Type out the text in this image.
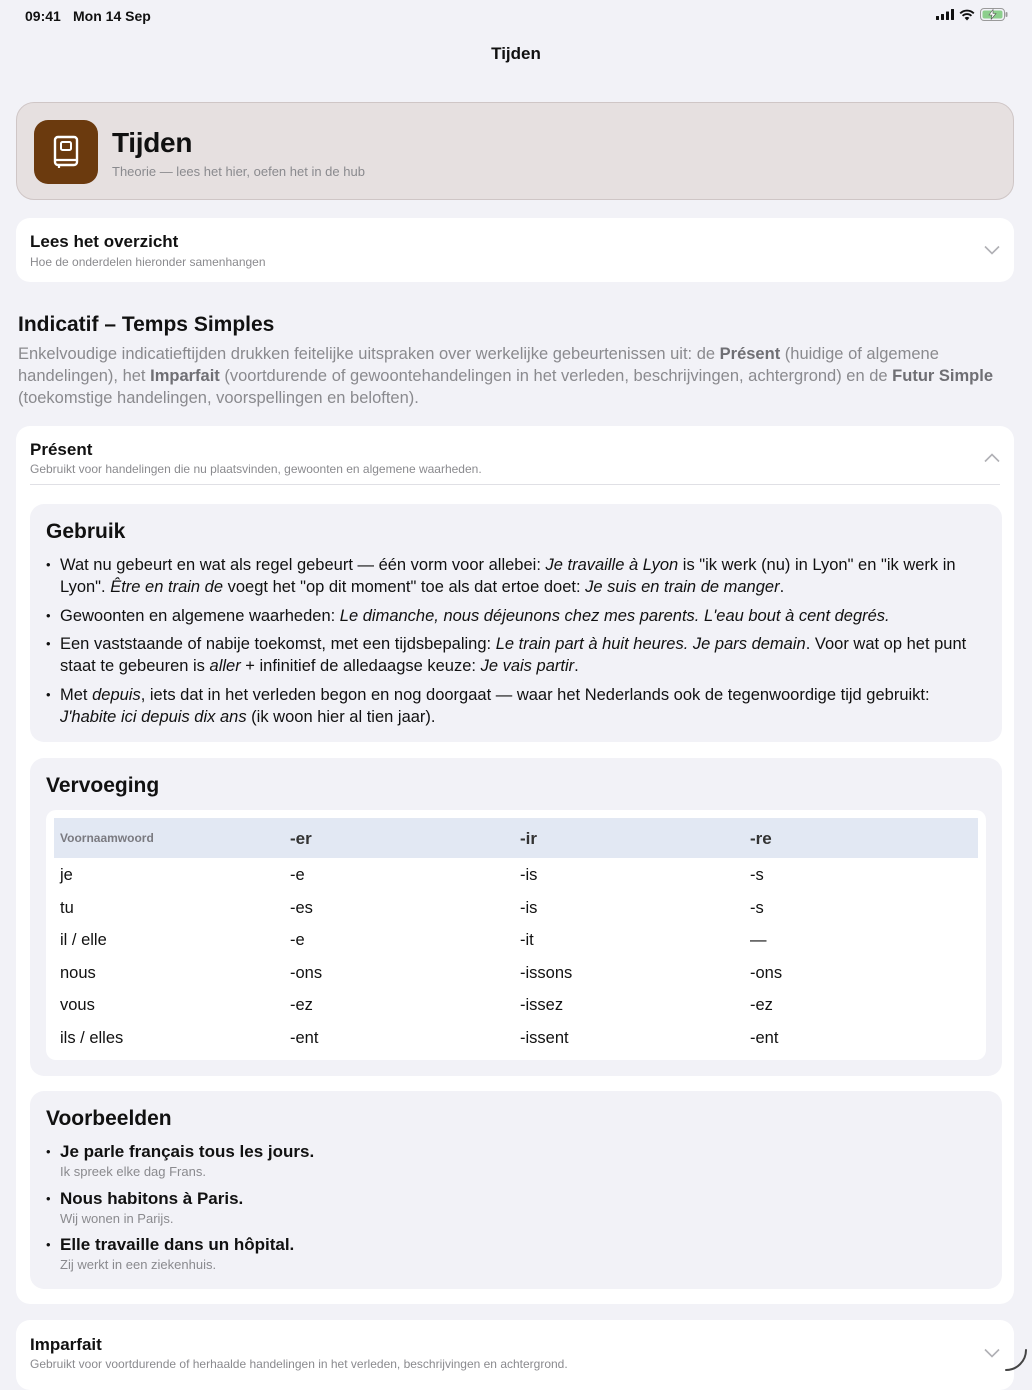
09:41 Mon 14 Sep
Tijden
Tijden
Theorie — lees het hier, oefen het in de hub
Lees het overzicht
Hoe de onderdelen hieronder samenhangen
Indicatif – Temps Simples
Enkelvoudige indicatieftijden drukken feitelijke uitspraken over werkelijke gebeurtenissen uit: de Présent (huidige of algemene handelingen), het Imparfait (voortdurende of gewoontehandelingen in het verleden, beschrijvingen, achtergrond) en de Futur Simple (toekomstige handelingen, voorspellingen en beloften).
Présent
Gebruikt voor handelingen die nu plaatsvinden, gewoonten en algemene waarheden.
Gebruik
• Wat nu gebeurt en wat als regel gebeurt — één vorm voor allebei: Je travaille à Lyon is "ik werk (nu) in Lyon" en "ik werk in Lyon". Être en train de voegt het "op dit moment" toe als dat ertoe doet: Je suis en train de manger.
• Gewoonten en algemene waarheden: Le dimanche, nous déjeunons chez mes parents. L'eau bout à cent degrés.
• Een vaststaande of nabije toekomst, met een tijdsbepaling: Le train part à huit heures. Je pars demain. Voor wat op het punt staat te gebeuren is aller + infinitief de alledaagse keuze: Je vais partir.
• Met depuis, iets dat in het verleden begon en nog doorgaat — waar het Nederlands ook de tegenwoordige tijd gebruikt: J'habite ici depuis dix ans (ik woon hier al tien jaar).
Vervoeging
Voornaamwoord	-er	-ir	-re
je	-e	-is	-s
tu	-es	-is	-s
il / elle	-e	-it	—
nous	-ons	-issons	-ons
vous	-ez	-issez	-ez
ils / elles	-ent	-issent	-ent
Voorbeelden
• Je parle français tous les jours.
Ik spreek elke dag Frans.
• Nous habitons à Paris.
Wij wonen in Parijs.
• Elle travaille dans un hôpital.
Zij werkt in een ziekenhuis.
Imparfait
Gebruikt voor voortdurende of herhaalde handelingen in het verleden, beschrijvingen en achtergrond.
